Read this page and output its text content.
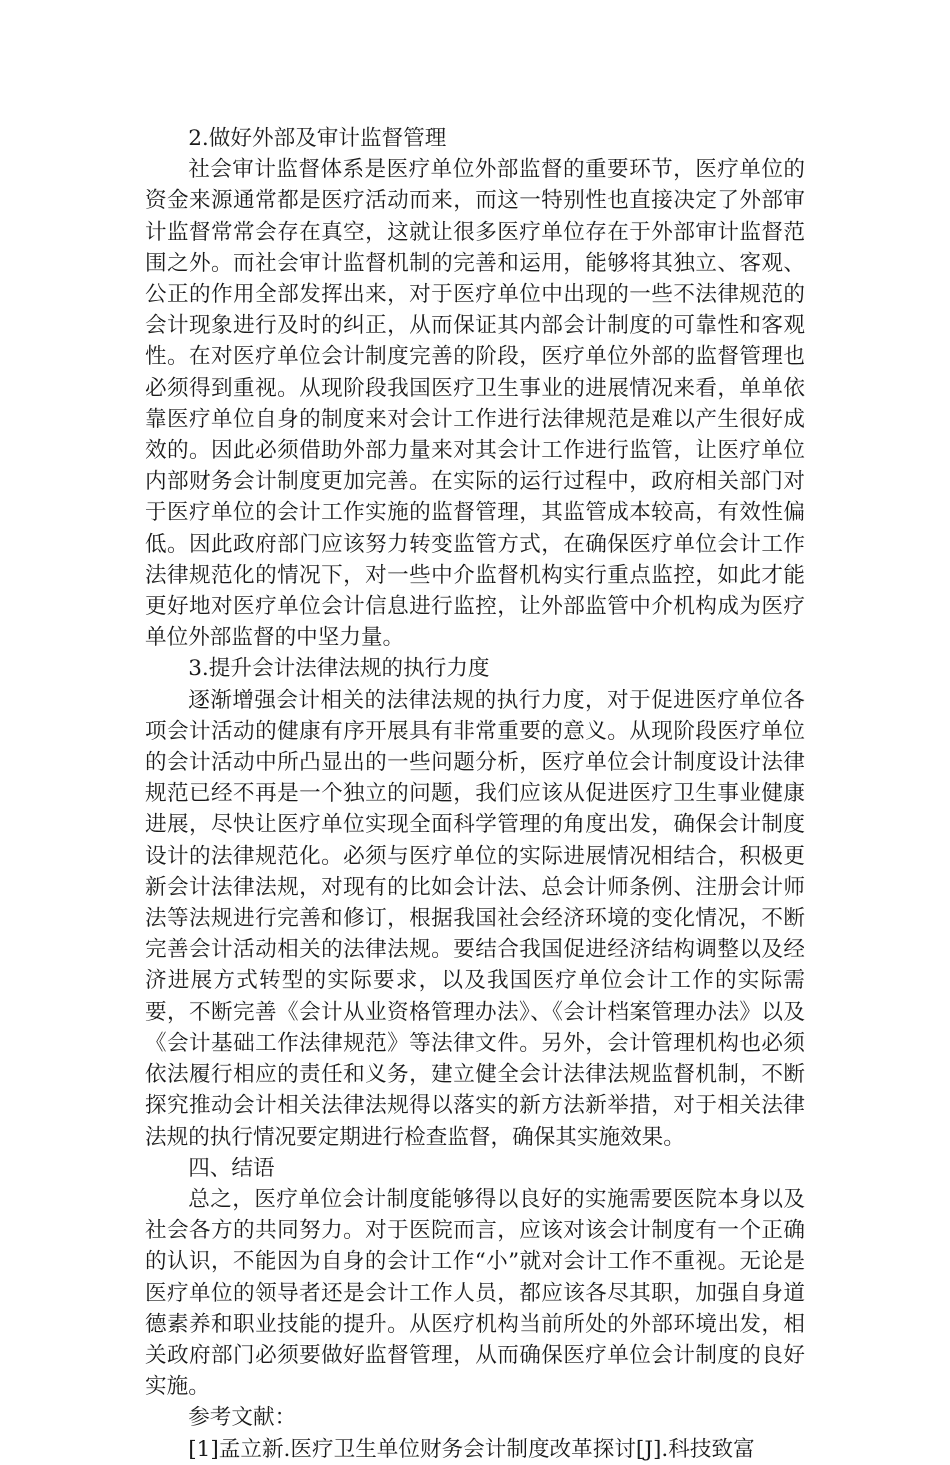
2.做好外部及审计监督管理

社会审计监督体系是医疗单位外部监督的重要环节，医疗单位的资金来源通常都是医疗活动而来，而这一特别性也直接决定了外部审计监督常常会存在真空，这就让很多医疗单位存在于外部审计监督范围之外。而社会审计监督机制的完善和运用，能够将其独立、客观、公正的作用全部发挥出来，对于医疗单位中出现的一些不法律规范的会计现象进行及时的纠正，从而保证其内部会计制度的可靠性和客观性。在对医疗单位会计制度完善的阶段，医疗单位外部的监督管理也必须得到重视。从现阶段我国医疗卫生事业的进展情况来看，单单依靠医疗单位自身的制度来对会计工作进行法律规范是难以产生很好成效的。因此必须借助外部力量来对其会计工作进行监管，让医疗单位内部财务会计制度更加完善。在实际的运行过程中，政府相关部门对于医疗单位的会计工作实施的监督管理，其监管成本较高，有效性偏低。因此政府部门应该努力转变监管方式，在确保医疗单位会计工作法律规范化的情况下，对一些中介监督机构实行重点监控，如此才能更好地对医疗单位会计信息进行监控，让外部监管中介机构成为医疗单位外部监督的中坚力量。

3.提升会计法律法规的执行力度

逐渐增强会计相关的法律法规的执行力度，对于促进医疗单位各项会计活动的健康有序开展具有非常重要的意义。从现阶段医疗单位的会计活动中所凸显出的一些问题分析，医疗单位会计制度设计法律规范已经不再是一个独立的问题，我们应该从促进医疗卫生事业健康进展，尽快让医疗单位实现全面科学管理的角度出发，确保会计制度设计的法律规范化。必须与医疗单位的实际进展情况相结合，积极更新会计法律法规，对现有的比如会计法、总会计师条例、注册会计师法等法规进行完善和修订，根据我国社会经济环境的变化情况，不断完善会计活动相关的法律法规。要结合我国促进经济结构调整以及经济进展方式转型的实际要求，以及我国医疗单位会计工作的实际需要，不断完善《会计从业资格管理办法》、《会计档案管理办法》以及《会计基础工作法律规范》等法律文件。另外，会计管理机构也必须依法履行相应的责任和义务，建立健全会计法律法规监督机制，不断探究推动会计相关法律法规得以落实的新方法新举措，对于相关法律法规的执行情况要定期进行检查监督，确保其实施效果。

四、结语

总之，医疗单位会计制度能够得以良好的实施需要医院本身以及社会各方的共同努力。对于医院而言，应该对该会计制度有一个正确的认识，不能因为自身的会计工作“小”就对会计工作不重视。无论是医疗单位的领导者还是会计工作人员，都应该各尽其职，加强自身道德素养和职业技能的提升。从医疗机构当前所处的外部环境出发，相关政府部门必须要做好监督管理，从而确保医疗单位会计制度的良好实施。

参考文献：

[1]孟立新.医疗卫生单位财务会计制度改革探讨[J].科技致富
